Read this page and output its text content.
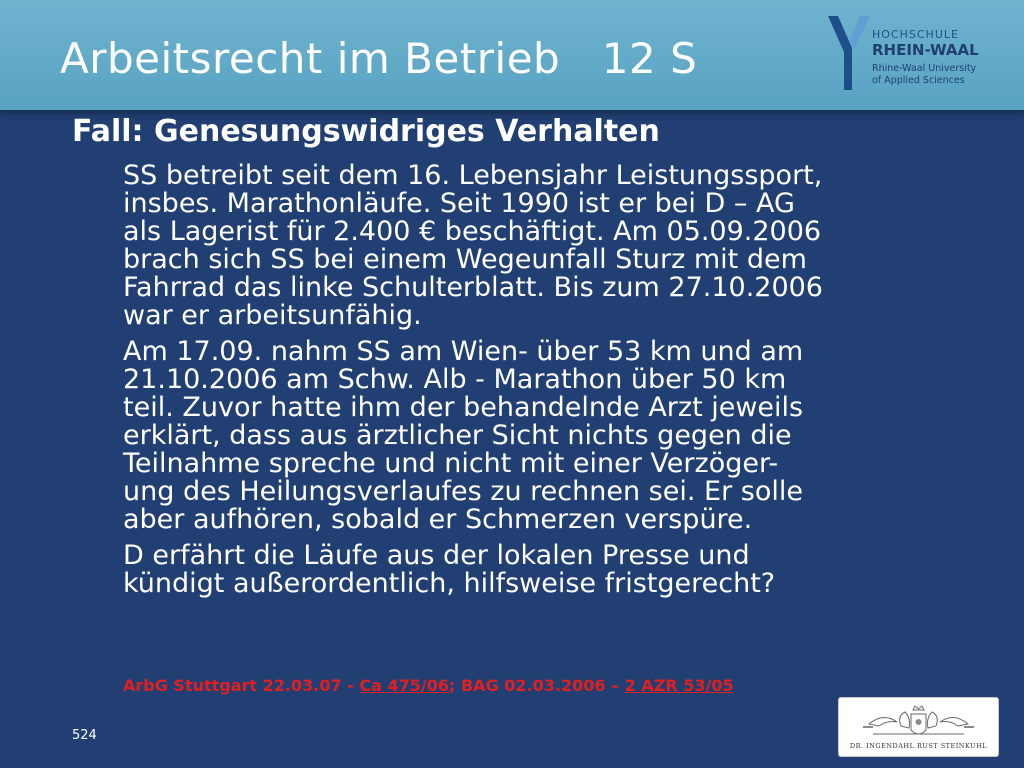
Arbeitsrecht im Betrieb   12 S	HOCHSCHULE
RHEIN-WAAL
Rhine-Waal University
of Applied Sciences
Fall: Genesungswidriges Verhalten
SS betreibt seit dem 16. Lebensjahr Leistungssport,
insbes. Marathonläufe. Seit 1990 ist er bei D – AG
als Lagerist für 2.400 € beschäftigt. Am 05.09.2006
brach sich SS bei einem Wegeunfall Sturz mit dem
Fahrrad das linke Schulterblatt. Bis zum 27.10.2006
war er arbeitsunfähig.
Am 17.09. nahm SS am Wien- über 53 km und am
21.10.2006 am Schw. Alb - Marathon über 50 km
teil. Zuvor hatte ihm der behandelnde Arzt jeweils
erklärt, dass aus ärztlicher Sicht nichts gegen die
Teilnahme spreche und nicht mit einer Verzöger-
ung des Heilungsverlaufes zu rechnen sei. Er solle
aber aufhören, sobald er Schmerzen verspüre.
D erfährt die Läufe aus der lokalen Presse und
kündigt außerordentlich, hilfsweise fristgerecht?
ArbG Stuttgart 22.03.07 - Ca 475/06; BAG 02.03.2006 – 2 AZR 53/05
524
DR. INGENDAHL RUST STEINKUHL
